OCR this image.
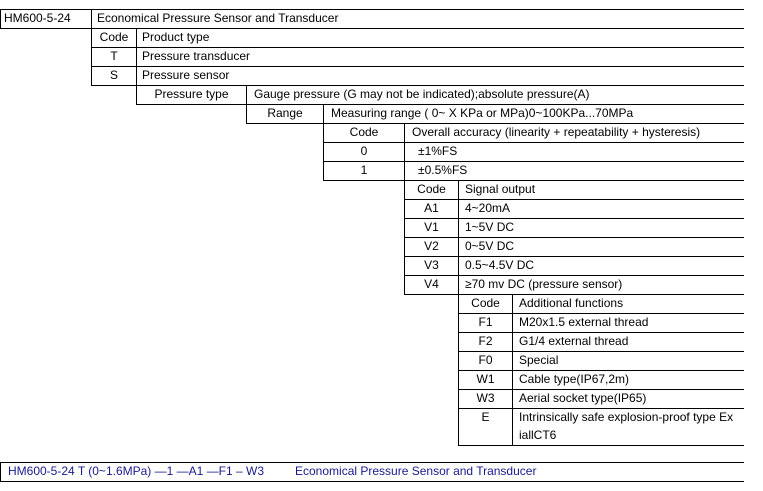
HM600-5-24 Economical Pressure Sensor and Transducer
Code	Product type
T	Pressure transducer
S	Pressure sensor
Pressure type	Gauge pressure (G may not be indicated);absolute pressure(A)
Range	Measuring range ( 0~ X KPa or MPa)0~100KPa...70MPa
Code	Overall accuracy (linearity + repeatability + hysteresis)
0	±1%FS
1	±0.5%FS
Code	Signal output
A1	4~20mA
V1	1~5V DC
V2	0~5V DC
V3	0.5~4.5V DC
V4	≥70 mv DC (pressure sensor)
Code	Additional functions
F1	M20x1.5 external thread
F2	G1/4 external thread
F0	Special
W1	Cable type(IP67,2m)
W3	Aerial socket type(IP65)
E	Intrinsically safe explosion-proof type Ex
iallCT6
HM600-5-24 T (0~1.6MPa) —1 —A1 —F1 – W3	Economical Pressure Sensor and Transducer
